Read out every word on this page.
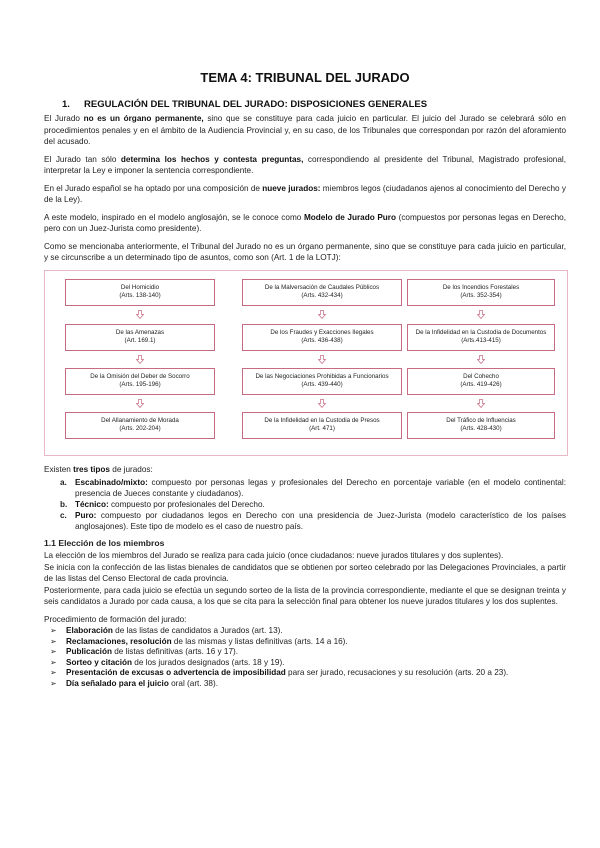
TEMA 4: TRIBUNAL DEL JURADO
1. REGULACIÓN DEL TRIBUNAL DEL JURADO: DISPOSICIONES GENERALES

El Jurado no es un órgano permanente, sino que se constituye para cada juicio en particular. El juicio del Jurado se celebrará sólo en procedimientos penales y en el ámbito de la Audiencia Provincial y, en su caso, de los Tribunales que correspondan por razón del aforamiento del acusado.

El Jurado tan sólo determina los hechos y contesta preguntas, correspondiendo al presidente del Tribunal, Magistrado profesional, interpretar la Ley e imponer la sentencia correspondiente.

En el Jurado español se ha optado por una composición de nueve jurados: miembros legos (ciudadanos ajenos al conocimiento del Derecho y de la Ley).

A este modelo, inspirado en el modelo anglosajón, se le conoce como Modelo de Jurado Puro (compuestos por personas legas en Derecho, pero con un Juez-Jurista como presidente).

Como se mencionaba anteriormente, el Tribunal del Jurado no es un órgano permanente, sino que se constituye para cada juicio en particular, y se circunscribe a un determinado tipo de asuntos, como son (Art. 1 de la LOTJ):

Del Homicidio
(Arts. 138-140)
De las Amenazas
(Art. 169.1)
De la Omisión del Deber de Socorro
(Arts. 195-196)
Del Allanamiento de Morada
(Arts. 202-204)
De la Malversación de Caudales Públicos
(Arts. 432-434)
De los Fraudes y Exacciones Ilegales
(Arts. 436-438)
De las Negociaciones Prohibidas a Funcionarios
(Arts. 439-440)
De la Infidelidad en la Custodia de Presos
(Art. 471)
De los Incendios Forestales
(Arts. 352-354)
De la Infidelidad en la Custodia de Documentos
(Arts.413-415)
Del Cohecho
(Arts. 419-426)
Del Tráfico de Influencias
(Arts. 428-430)

Existen tres tipos de jurados:

a. Escabinado/mixto: compuesto por personas legas y profesionales del Derecho en porcentaje variable (en el modelo continental: presencia de Jueces constante y ciudadanos).
b. Técnico: compuesto por profesionales del Derecho.
c. Puro: compuesto por ciudadanos legos en Derecho con una presidencia de Juez-Jurista (modelo característico de los países anglosajones). Este tipo de modelo es el caso de nuestro país.
1.1 Elección de los miembros

La elección de los miembros del Jurado se realiza para cada juicio (once ciudadanos: nueve jurados titulares y dos suplentes).

Se inicia con la confección de las listas bienales de candidatos que se obtienen por sorteo celebrado por las Delegaciones Provinciales, a partir de las listas del Censo Electoral de cada provincia.

Posteriormente, para cada juicio se efectúa un segundo sorteo de la lista de la provincia correspondiente, mediante el que se designan treinta y seis candidatos a Jurado por cada causa, a los que se cita para la selección final para obtener los nueve jurados titulares y los dos suplentes.

Procedimiento de formación del jurado:

➢	Elaboración de las listas de candidatos a Jurados (art. 13).
➢	Reclamaciones, resolución de las mismas y listas definitivas (arts. 14 a 16).
➢	Publicación de listas definitivas (arts. 16 y 17).
➢	Sorteo y citación de los jurados designados (arts. 18 y 19).
➢	Presentación de excusas o advertencia de imposibilidad para ser jurado, recusaciones y su resolución (arts. 20 a 23).
➢	Día señalado para el juicio oral (art. 38).
